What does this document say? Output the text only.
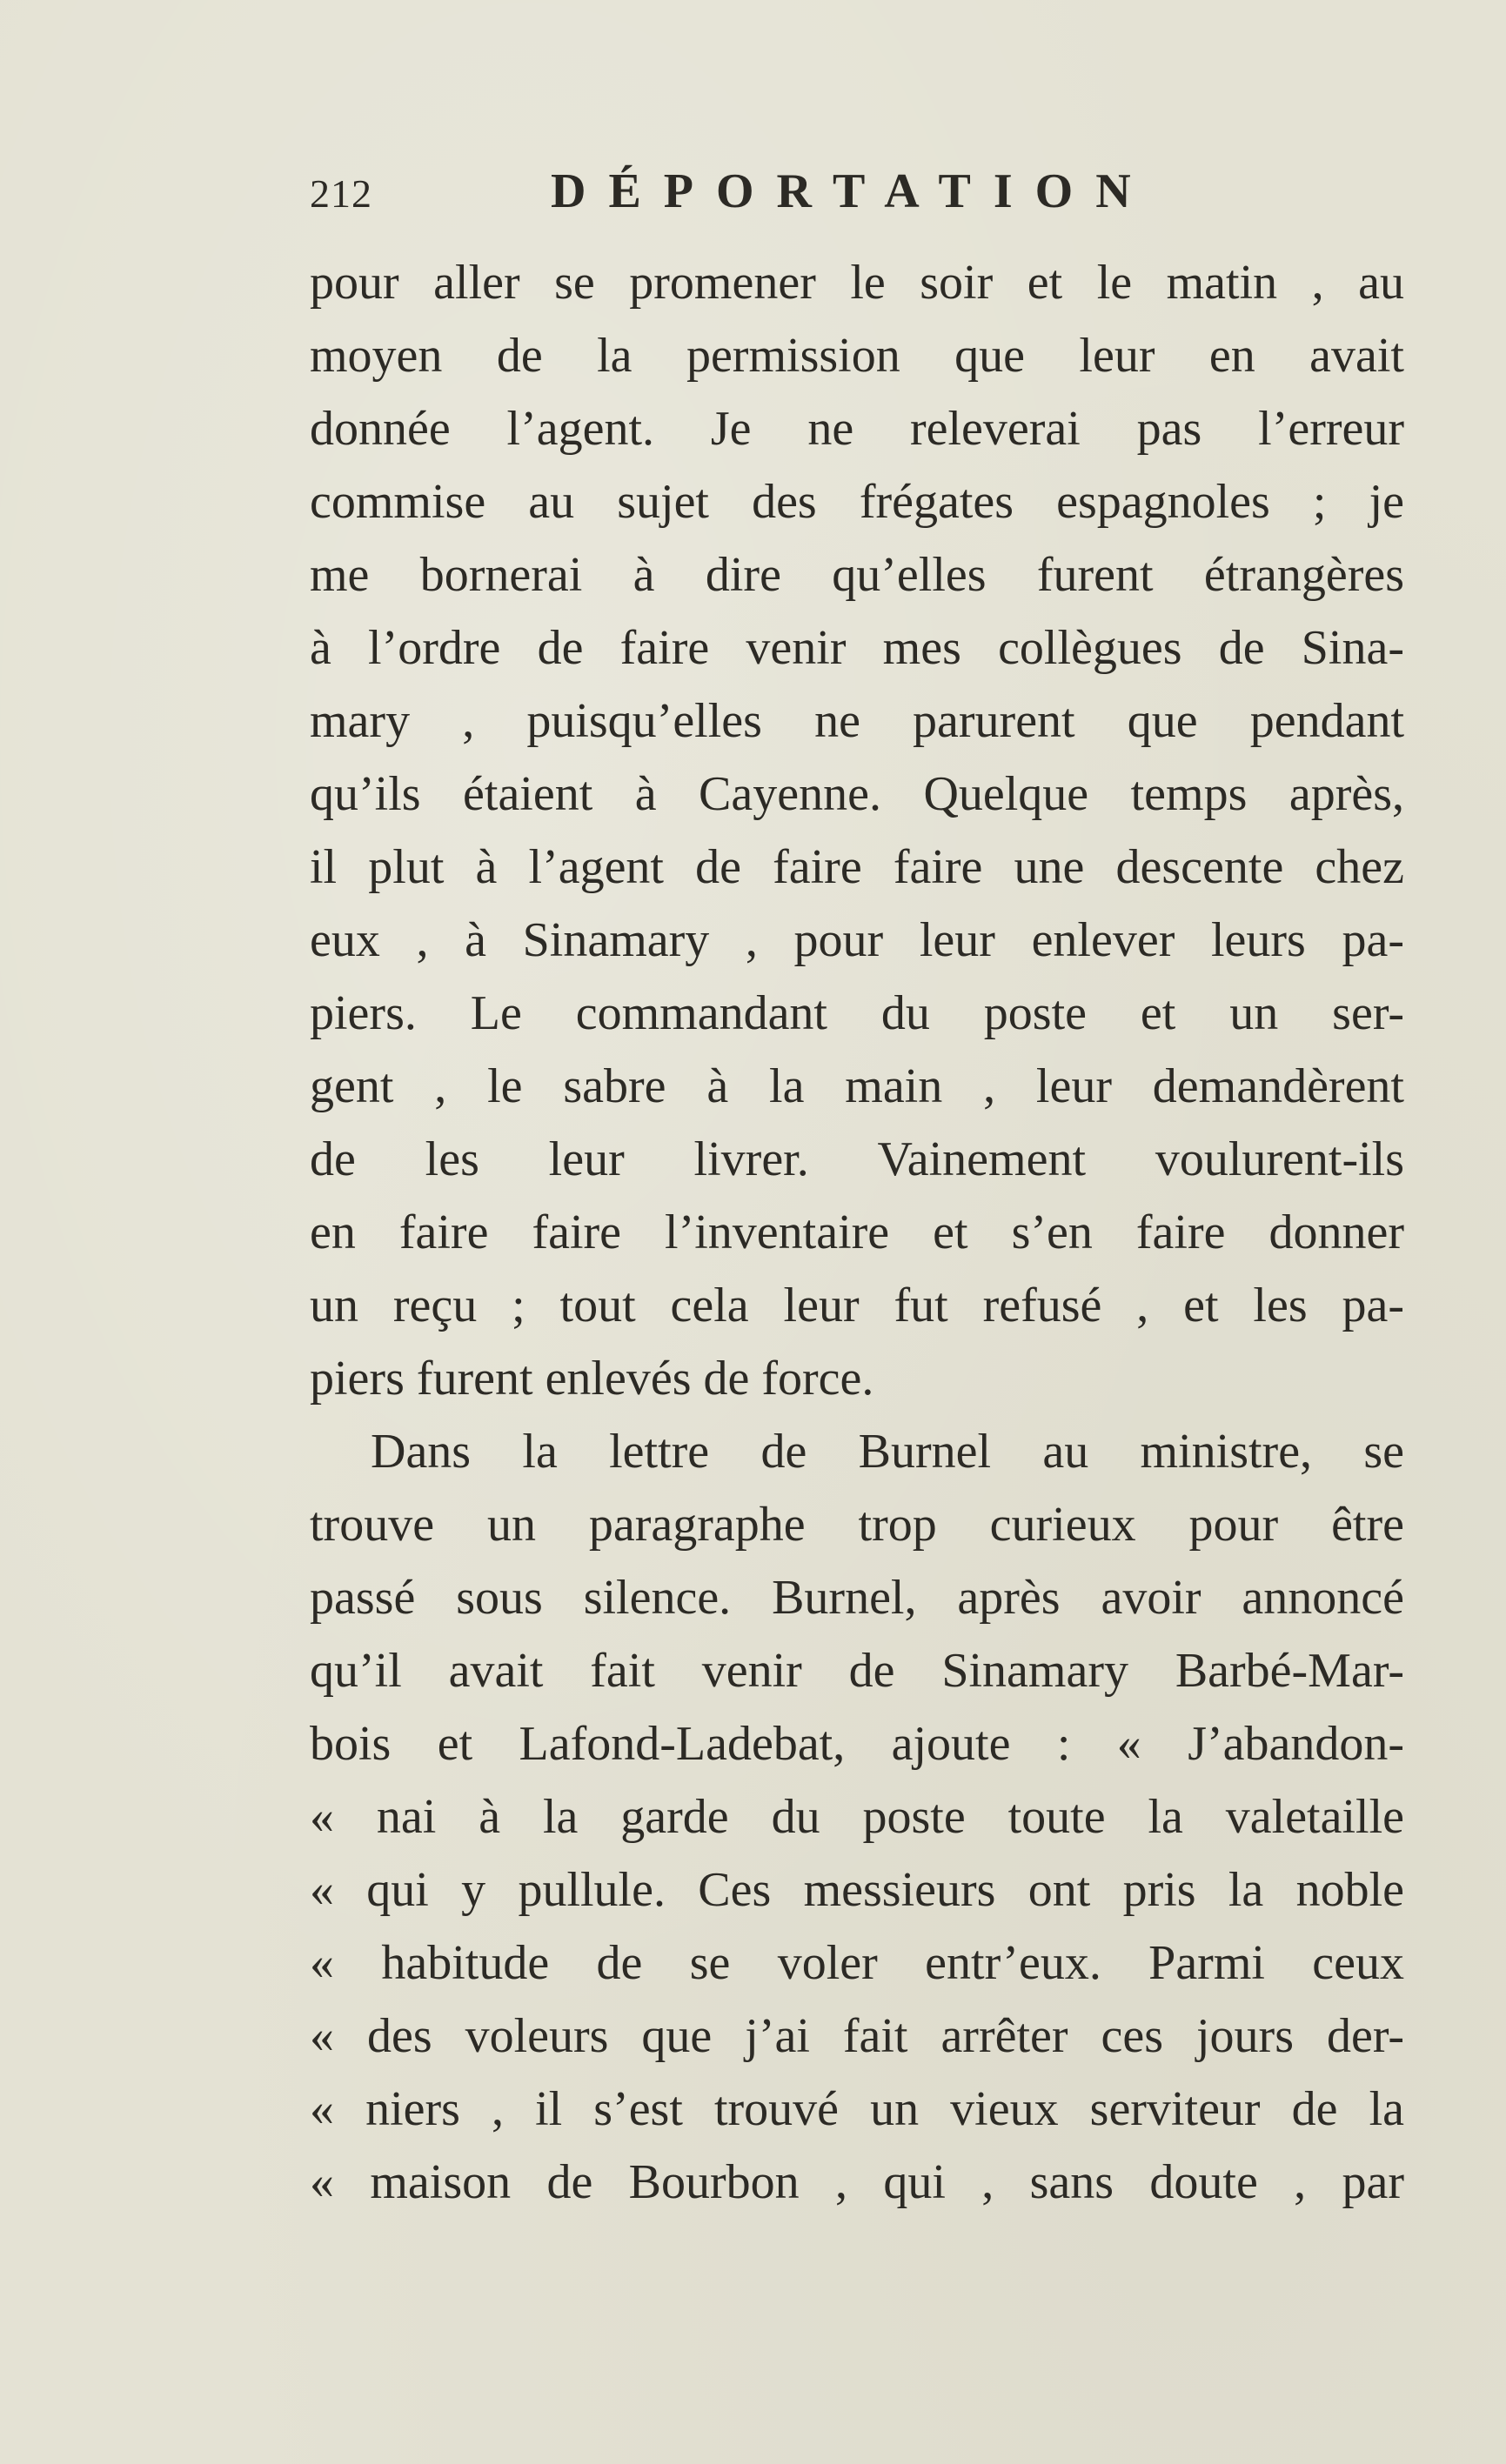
212	DÉPORTATION
pour aller se promener le soir et le matin , au
moyen de la permission que leur en avait
donnée l’agent. Je ne releverai pas l’erreur
commise au sujet des frégates espagnoles ; je
me bornerai à dire qu’elles furent étrangères
à l’ordre de faire venir mes collègues de Sina-
mary , puisqu’elles ne parurent que pendant
qu’ils étaient à Cayenne. Quelque temps après,
il plut à l’agent de faire faire une descente chez
eux , à Sinamary , pour leur enlever leurs pa-
piers. Le commandant du poste et un ser-
gent , le sabre à la main , leur demandèrent
de les leur livrer. Vainement voulurent-ils
en faire faire l’inventaire et s’en faire donner
un reçu ; tout cela leur fut refusé , et les pa-
piers furent enlevés de force.
Dans la lettre de Burnel au ministre, se
trouve un paragraphe trop curieux pour être
passé sous silence. Burnel, après avoir annoncé
qu’il avait fait venir de Sinamary Barbé-Mar-
bois et Lafond-Ladebat, ajoute : « J’abandon-
« nai à la garde du poste toute la valetaille
« qui y pullule. Ces messieurs ont pris la noble
« habitude de se voler entr’eux. Parmi ceux
« des voleurs que j’ai fait arrêter ces jours der-
« niers , il s’est trouvé un vieux serviteur de la
« maison de Bourbon , qui , sans doute , par
